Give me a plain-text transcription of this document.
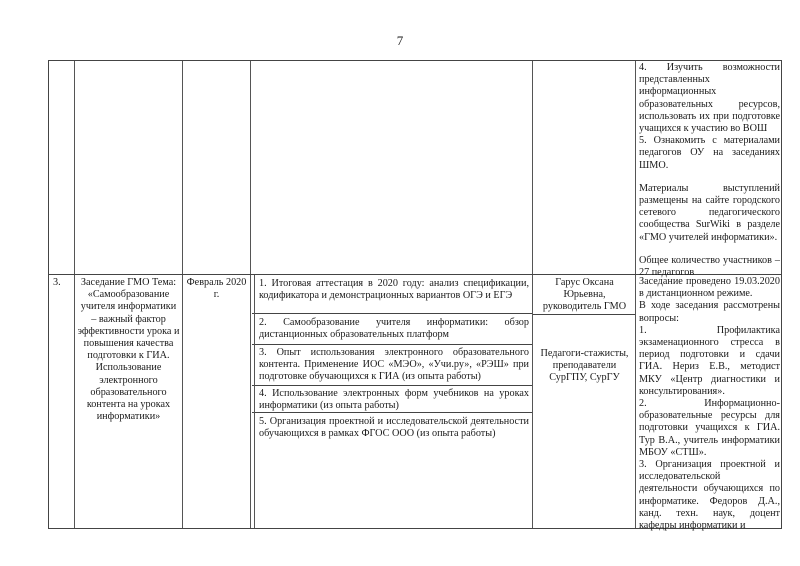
7

4. Изучить возможности представленных информационных образовательных ресурсов, использовать их при подготовке учащихся к участию во ВОШ

5. Ознакомить с материалами педагогов ОУ на заседаниях ШМО.

Материалы выступлений размещены на сайте городского сетевого педагогического сообщества SurWiki в разделе «ГМО учителей информатики».

Общее количество участников – 27 педагогов

3.	Заседание ГМО Тема: «Самообразование учителя информатики – важный фактор эффективности урока и повышения качества подготовки к ГИА. Использование электронного образовательного контента на уроках информатики»
Февраль 2020 г.
1. Итоговая аттестация в 2020 году: анализ спецификации, кодификатора и демонстрационных вариантов ОГЭ и ЕГЭ
2. Самообразование учителя информатики: обзор дистанционных образовательных платформ
3. Опыт использования электронного образовательного контента. Применение ИОС «МЭО», «Учи.ру», «РЭШ» при подготовке обучающихся к ГИА (из опыта работы)
4. Использование электронных форм учебников на уроках информатики (из опыта работы)
5. Организация проектной и исследовательской деятельности обучающихся в рамках ФГОС ООО (из опыта работы)
Гарус Оксана Юрьевна, руководитель ГМО
Педагоги-стажисты, преподаватели СурГПУ, СурГУ

Заседание проведено 19.03.2020 в дистанционном режиме.

В ходе заседания рассмотрены вопросы:

1. Профилактика экзаменационного стресса в период подготовки и сдачи ГИА. Нериз Е.В., методист МКУ «Центр диагностики и консультирования».

2. Информационно-образовательные ресурсы для подготовки учащихся к ГИА. Тур В.А., учитель информатики МБОУ «СТШ».

3. Организация проектной и исследовательской деятельности обучающихся по информатике. Федоров Д.А., канд. техн. наук, доцент кафедры информатики и
